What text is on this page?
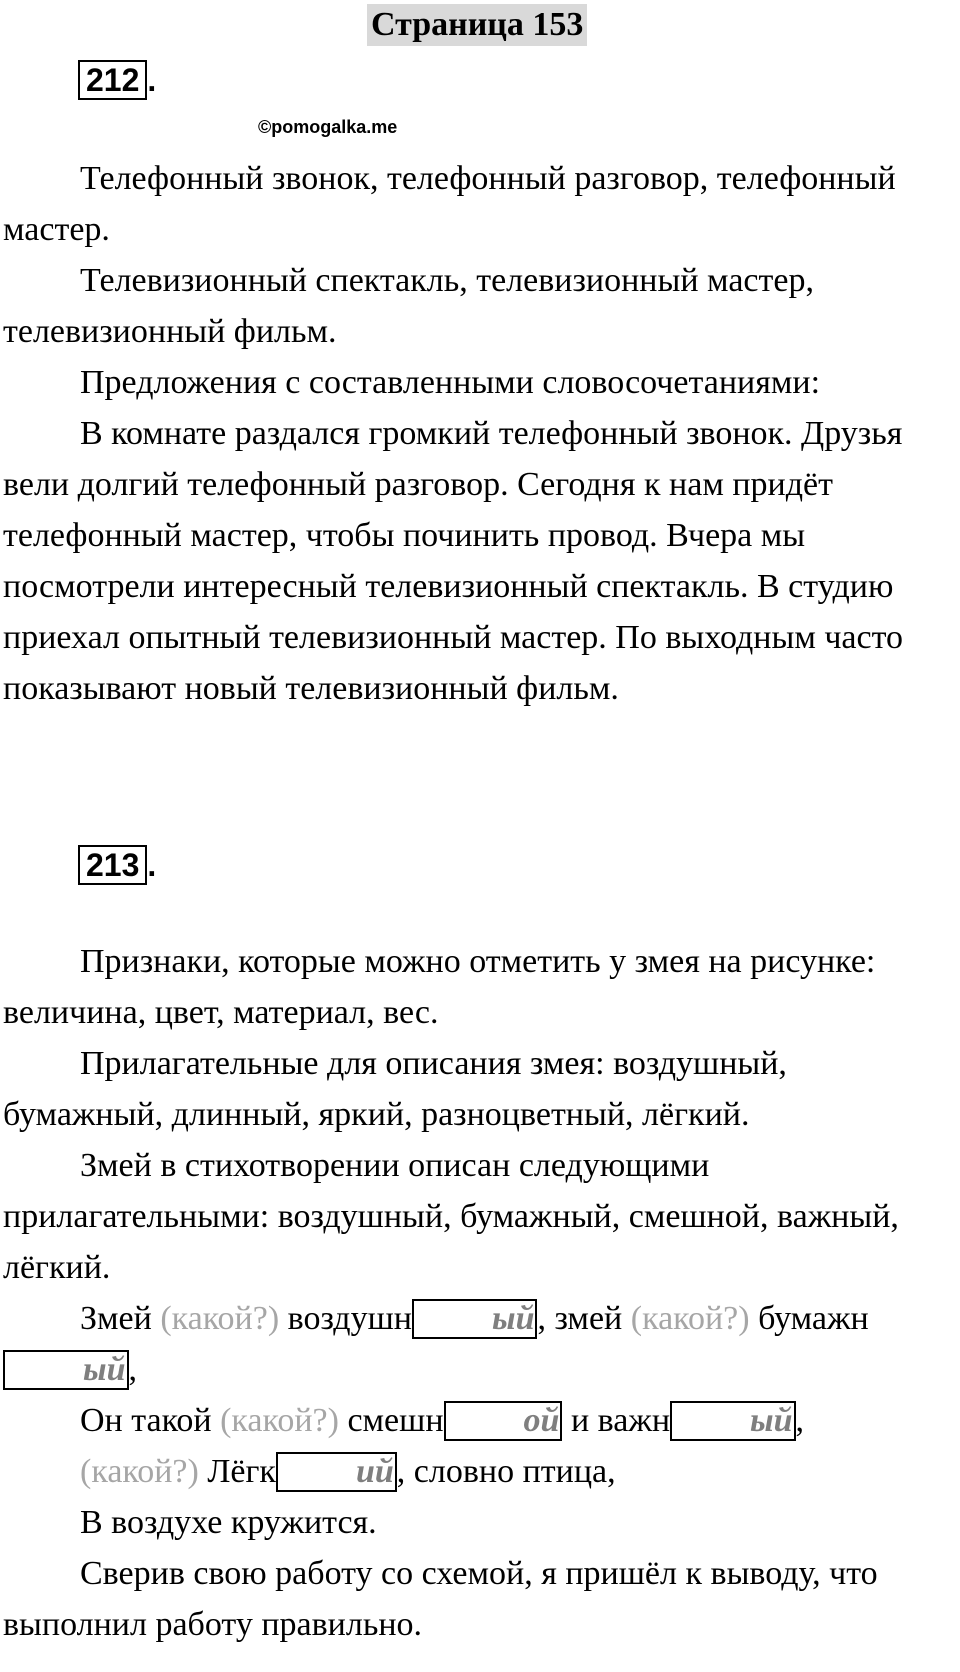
Страница 153
212 .
©pomogalka.me

Телефонный звонок, телефонный разговор, телефонный мастер.

Телевизионный спектакль, телевизионный мастер, телевизионный фильм.

Предложения с составленными словосочетаниями:

В комнате раздался громкий телефонный звонок. Друзья вели долгий телефонный разговор. Сегодня к нам придёт телефонный мастер, чтобы починить провод. Вчера мы посмотрели интересный телевизионный спектакль. В студию приехал опытный телевизионный мастер. По выходным часто показывают новый телевизионный фильм.

213 .

Признаки, которые можно отметить у змея на рисунке: величина, цвет, материал, вес.

Прилагательные для описания змея: воздушный, бумажный, длинный, яркий, разноцветный, лёгкий.

Змей в стихотворении описан следующими прилагательными: воздушный, бумажный, смешной, важный, лёгкий.

Змей (какой?) воздушн ый, змей (какой?) бумажный,

Он такой (какой?) смешн ой и важн ый,

(какой?) Лёгк ий, словно птица,

В воздухе кружится.

Сверив свою работу со схемой, я пришёл к выводу, что выполнил работу правильно.
